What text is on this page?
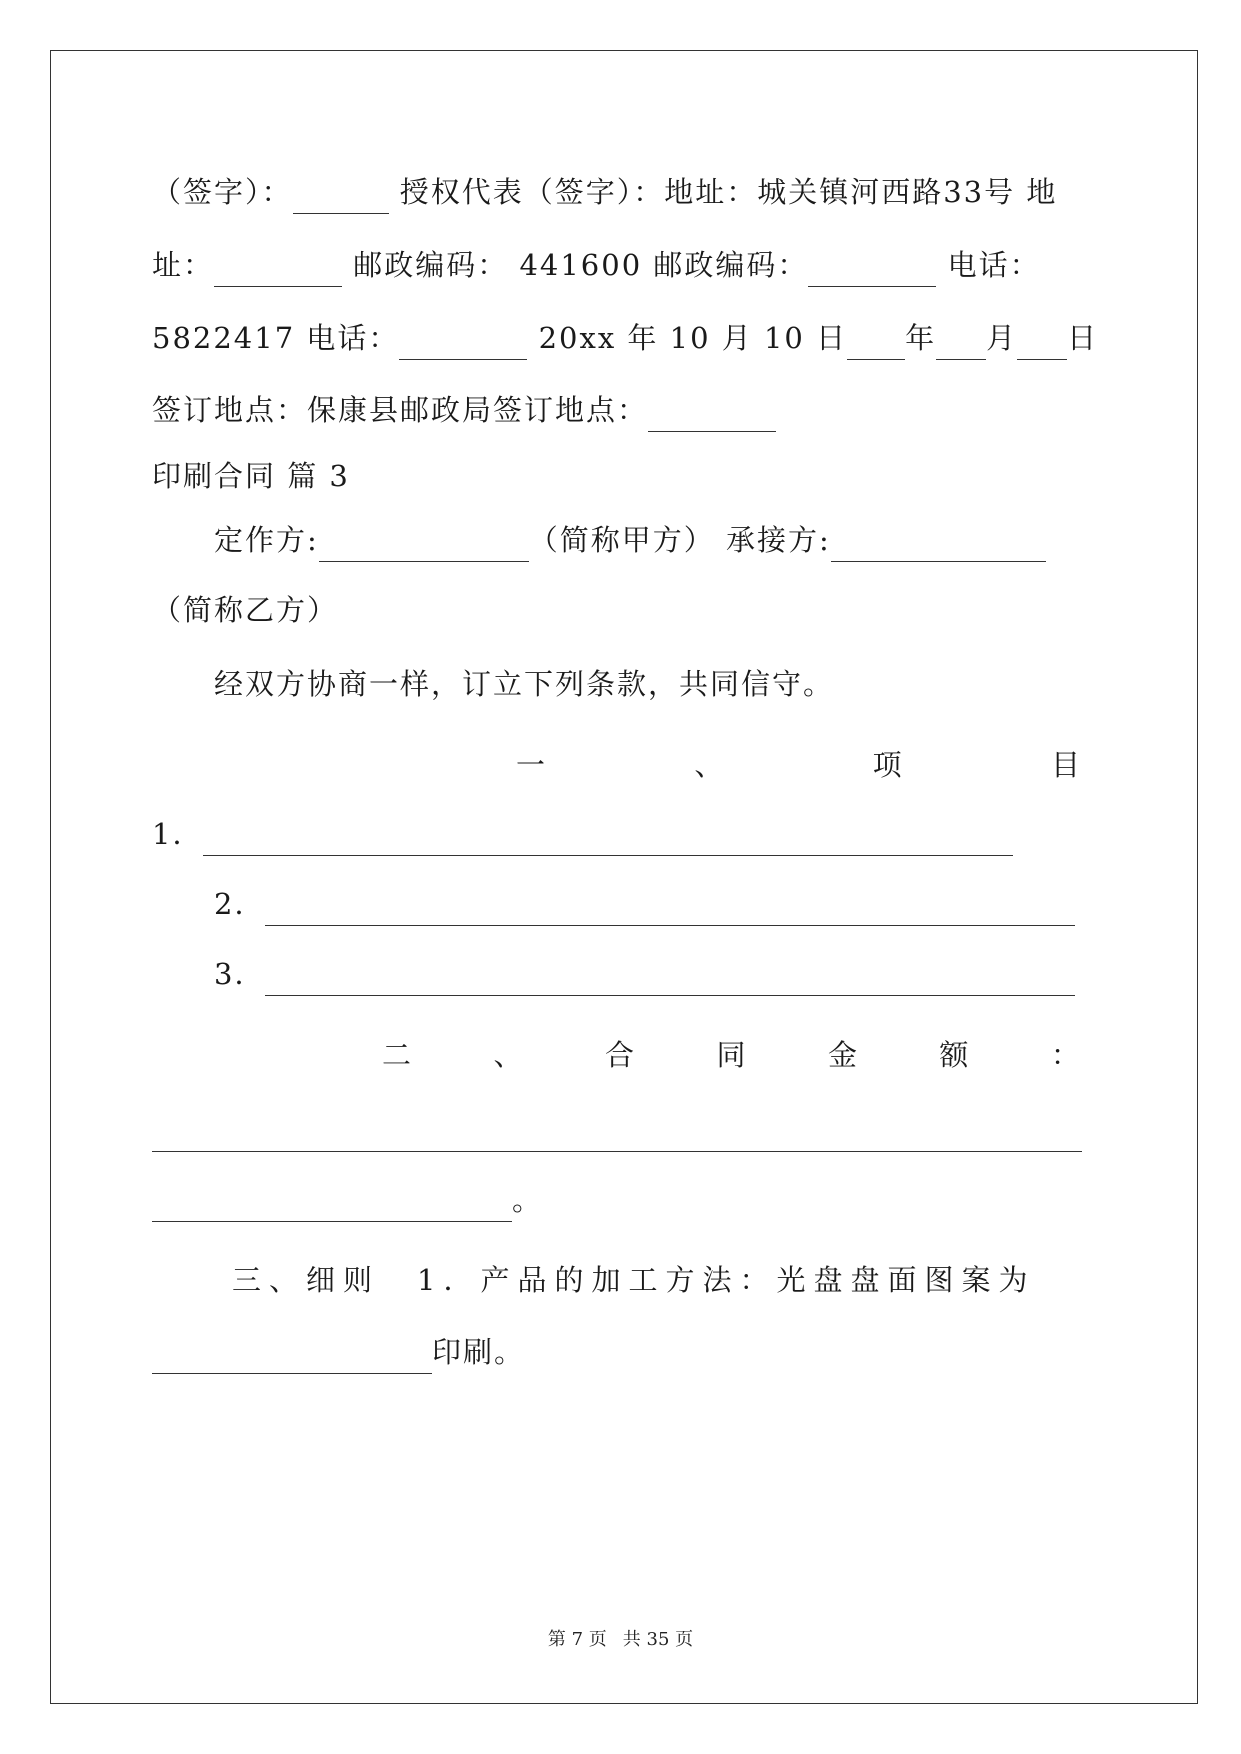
（签字）：	授权代表（签字）：地址：城关镇河西路33号 地
址：	邮政编码： 441600 邮政编码：	电话：
5822417 电话：	20xx 年 10 月 10 日 年 月 日
签订地点：保康县邮政局签订地点：
印刷合同 篇 3
定作方:	（简称甲方） 承接方:
（简称乙方）
经双方协商一样，订立下列条款，共同信守。
一	、	项	目
1．
2．
3．
二	、	合	同	金	额	：
。
三、细则　1．产品的加工方法：光盘盘面图案为
印刷。
第 7 页 共 35 页
